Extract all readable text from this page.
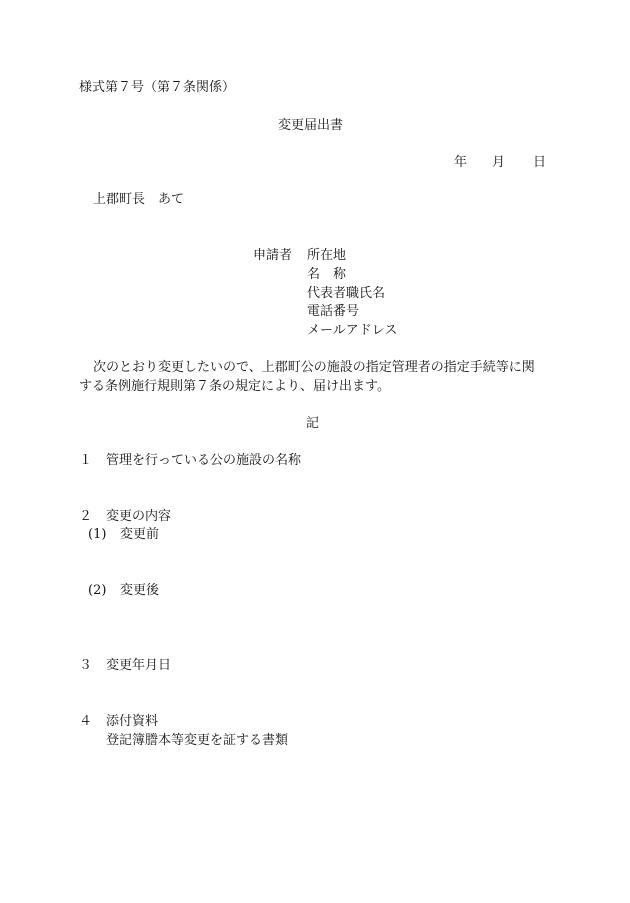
様式第７号（第７条関係）
変更届出書
年 月 日
上郡町長　あて
申請者 所在地
名　称
代表者職氏名
電話番号
メールアドレス
次のとおり変更したいので、上郡町公の施設の指定管理者の指定手続等に関
する条例施行規則第７条の規定により、届け出ます。
記
１ 管理を行っている公の施設の名称
２ 変更の内容
(1) 変更前
(2) 変更後
３ 変更年月日
４ 添付資料
登記簿謄本等変更を証する書類
